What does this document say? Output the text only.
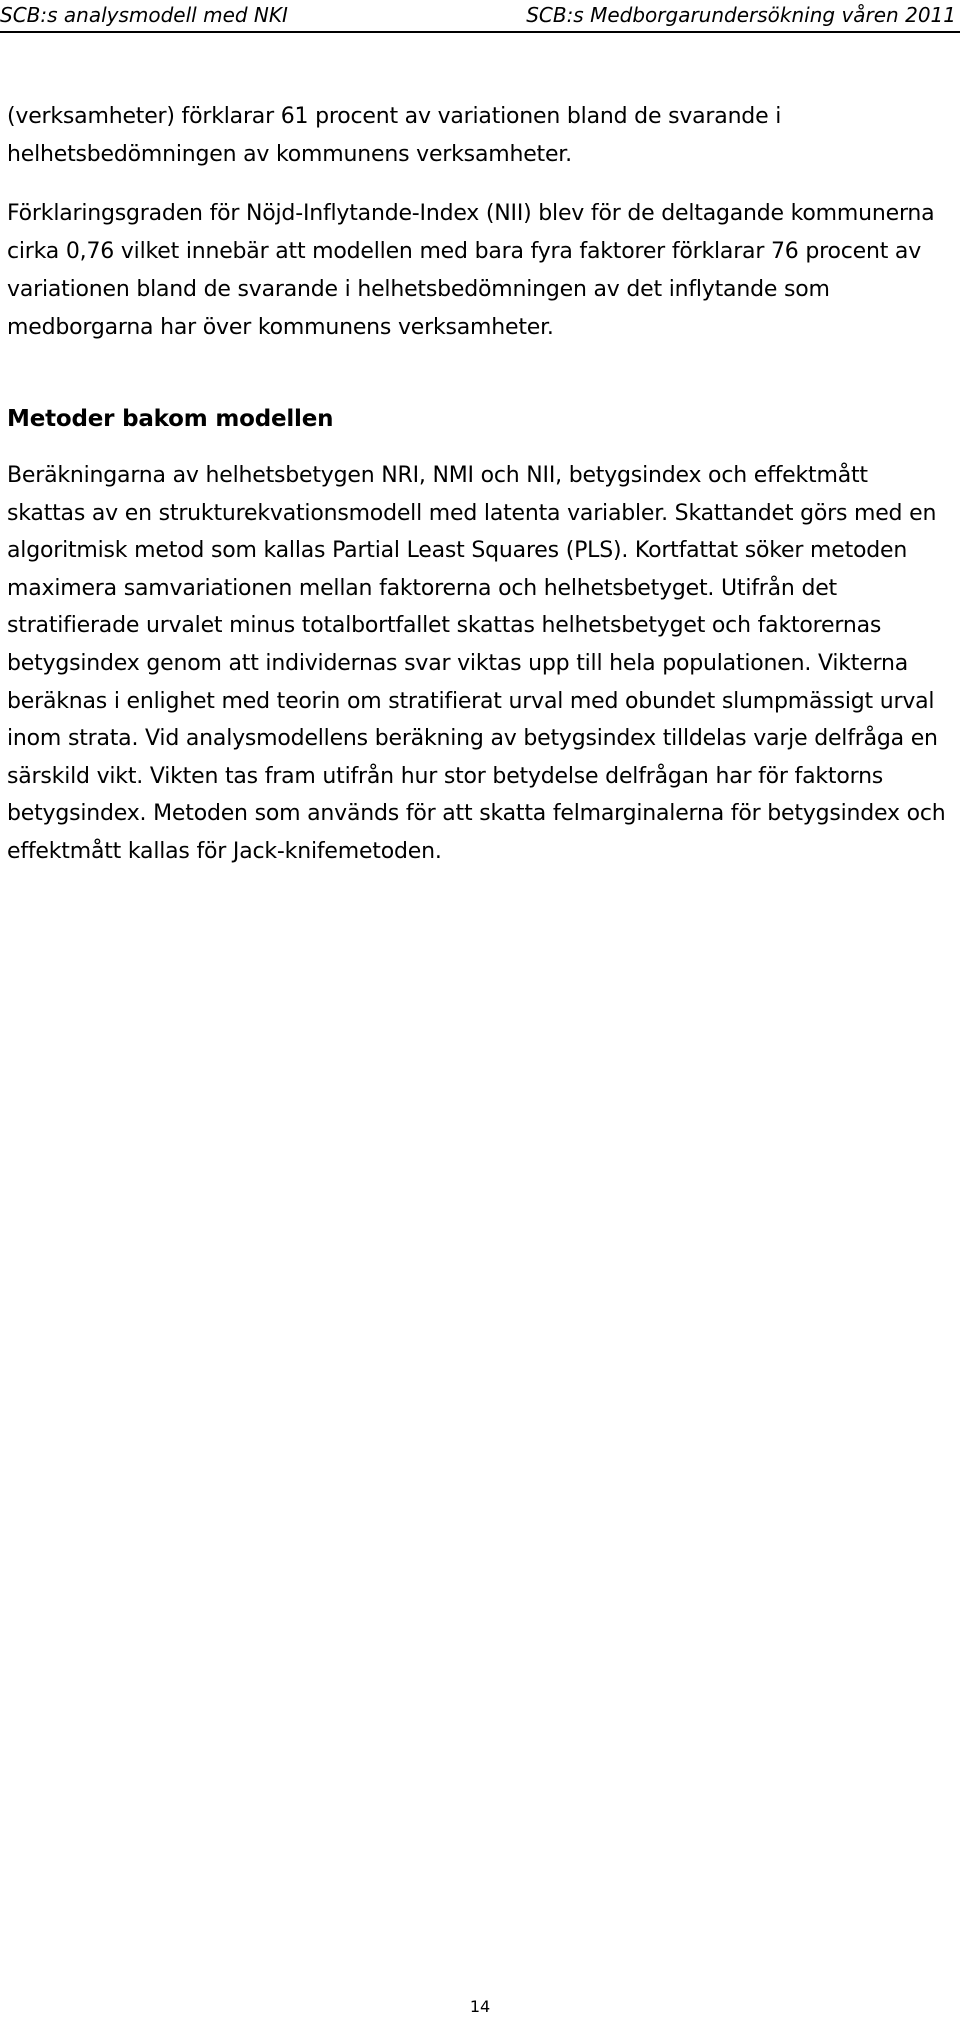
SCB:s analysmodell med NKI	SCB:s Medborgarundersökning våren 2011

(verksamheter) förklarar 61 procent av variationen bland de svarande i helhetsbedömningen av kommunens verksamheter.

Förklaringsgraden för Nöjd-Inflytande-Index (NII) blev för de deltagande kommunerna cirka 0,76 vilket innebär att modellen med bara fyra faktorer förklarar 76 procent av variationen bland de svarande i helhetsbedömningen av det inflytande som medborgarna har över kommunens verksamheter.

Metoder bakom modellen

Beräkningarna av helhetsbetygen NRI, NMI och NII, betygsindex och effektmått skattas av en strukturekvationsmodell med latenta variabler. Skattandet görs med en algoritmisk metod som kallas Partial Least Squares (PLS). Kortfattat söker metoden maximera samvariationen mellan faktorerna och helhetsbetyget. Utifrån det stratifierade urvalet minus totalbortfallet skattas helhetsbetyget och faktorernas betygsindex genom att individernas svar viktas upp till hela populationen. Vikterna beräknas i enlighet med teorin om stratifierat urval med obundet slumpmässigt urval inom strata. Vid analysmodellens beräkning av betygsindex tilldelas varje delfråga en särskild vikt. Vikten tas fram utifrån hur stor betydelse delfrågan har för faktorns betygsindex. Metoden som används för att skatta felmarginalerna för betygsindex och effektmått kallas för Jack-knifemetoden.

14
